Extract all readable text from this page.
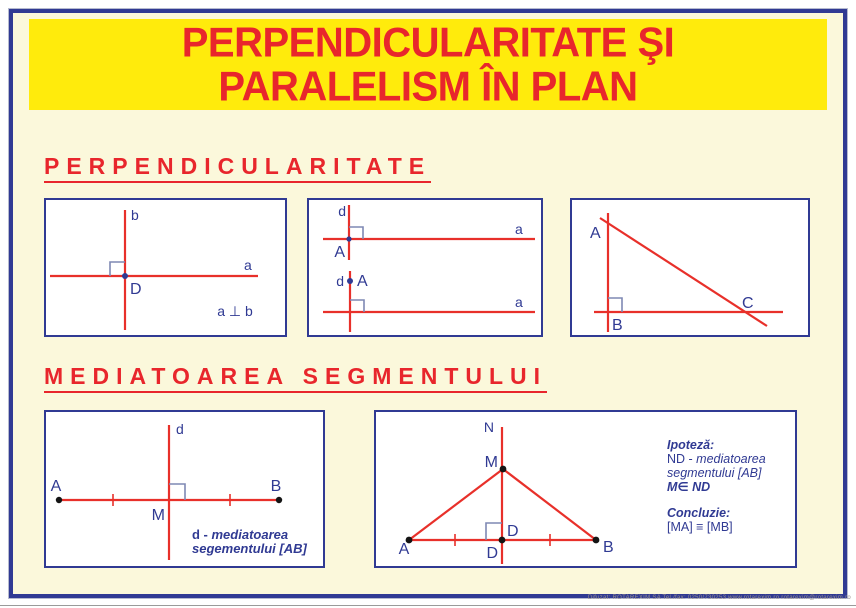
PERPENDICULARITATE ŞI
PARALELISM ÎN PLAN
PERPENDICULARITATE
b
a
D
a ⊥ b
d
a
A
d A
a
A
B
C
MEDIATOAREA SEGMENTULUI
d
A	B
M
d - mediatoarea
segementului [AB]
N
M
A	B
D
D
Ipoteză:
ND - mediatoarea
segmentului [AB]
M∈ ND
Concluzie:
[MA] ≡ [MB]
Difuzat: ROTAREXIM SA Tel./fax: 0250/730253 www.rotarexim.ro rotarexim@rotarexim.ro
